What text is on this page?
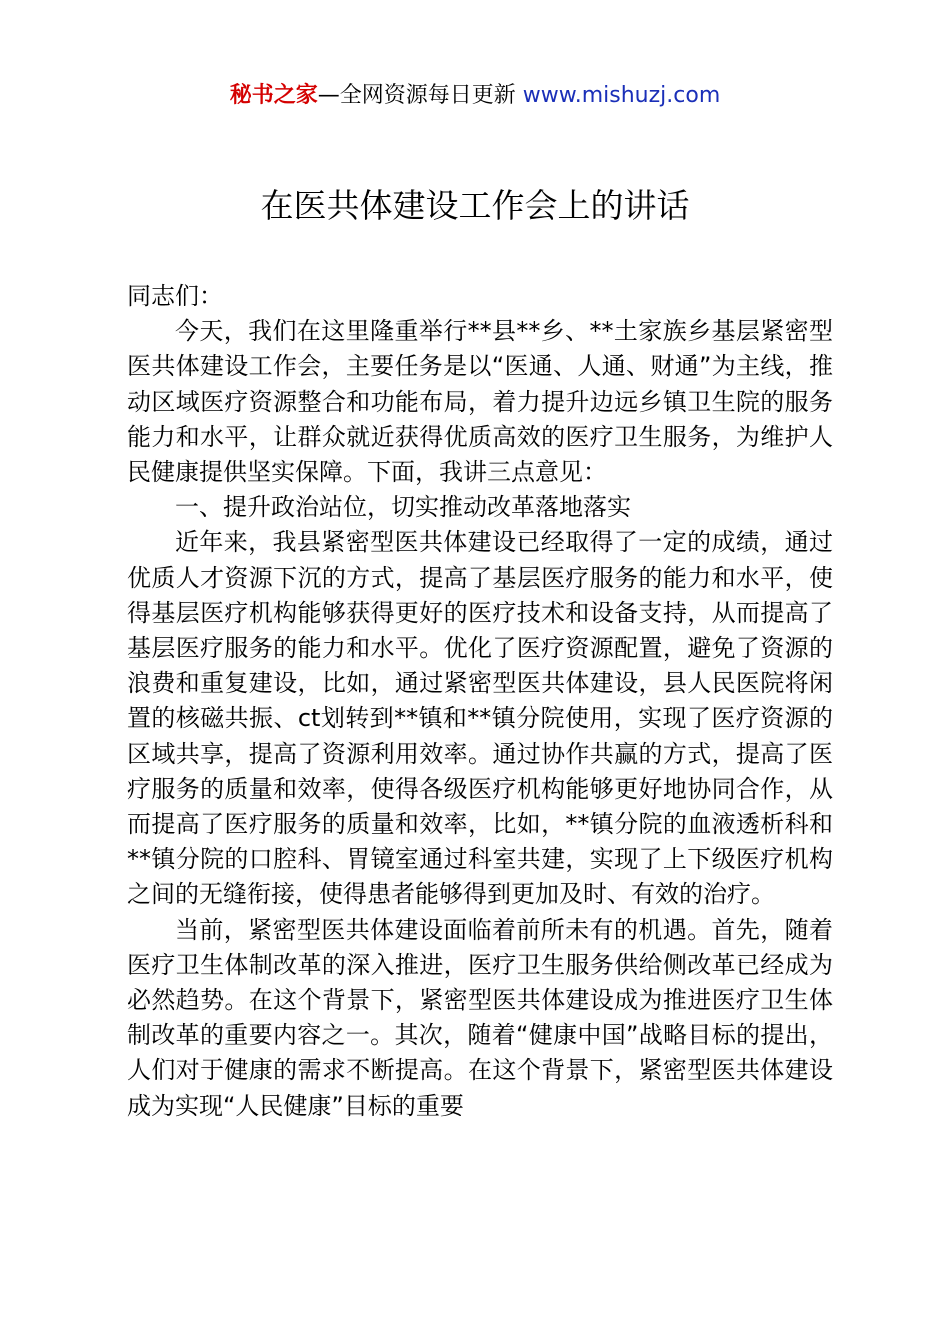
秘书之家—全网资源每日更新 www.mishuzj.com
在医共体建设工作会上的讲话

同志们：

今天，我们在这里隆重举行**县**乡、**土家族乡基层紧密型医共体建设工作会，主要任务是以“医通、人通、财通”为主线，推动区域医疗资源整合和功能布局，着力提升边远乡镇卫生院的服务能力和水平，让群众就近获得优质高效的医疗卫生服务，为维护人民健康提供坚实保障。下面，我讲三点意见：

一、提升政治站位，切实推动改革落地落实

近年来，我县紧密型医共体建设已经取得了一定的成绩，通过优质人才资源下沉的方式，提高了基层医疗服务的能力和水平，使得基层医疗机构能够获得更好的医疗技术和设备支持，从而提高了基层医疗服务的能力和水平。优化了医疗资源配置，避免了资源的浪费和重复建设，比如，通过紧密型医共体建设，县人民医院将闲置的核磁共振、ct划转到**镇和**镇分院使用，实现了医疗资源的区域共享，提高了资源利用效率。通过协作共赢的方式，提高了医疗服务的质量和效率，使得各级医疗机构能够更好地协同合作，从而提高了医疗服务的质量和效率，比如，**镇分院的血液透析科和**镇分院的口腔科、胃镜室通过科室共建，实现了上下级医疗机构之间的无缝衔接，使得患者能够得到更加及时、有效的治疗。

当前，紧密型医共体建设面临着前所未有的机遇。首先，随着医疗卫生体制改革的深入推进，医疗卫生服务供给侧改革已经成为必然趋势。在这个背景下，紧密型医共体建设成为推进医疗卫生体制改革的重要内容之一。其次，随着“健康中国”战略目标的提出，人们对于健康的需求不断提高。在这个背景下，紧密型医共体建设成为实现“人民健康”目标的重要
